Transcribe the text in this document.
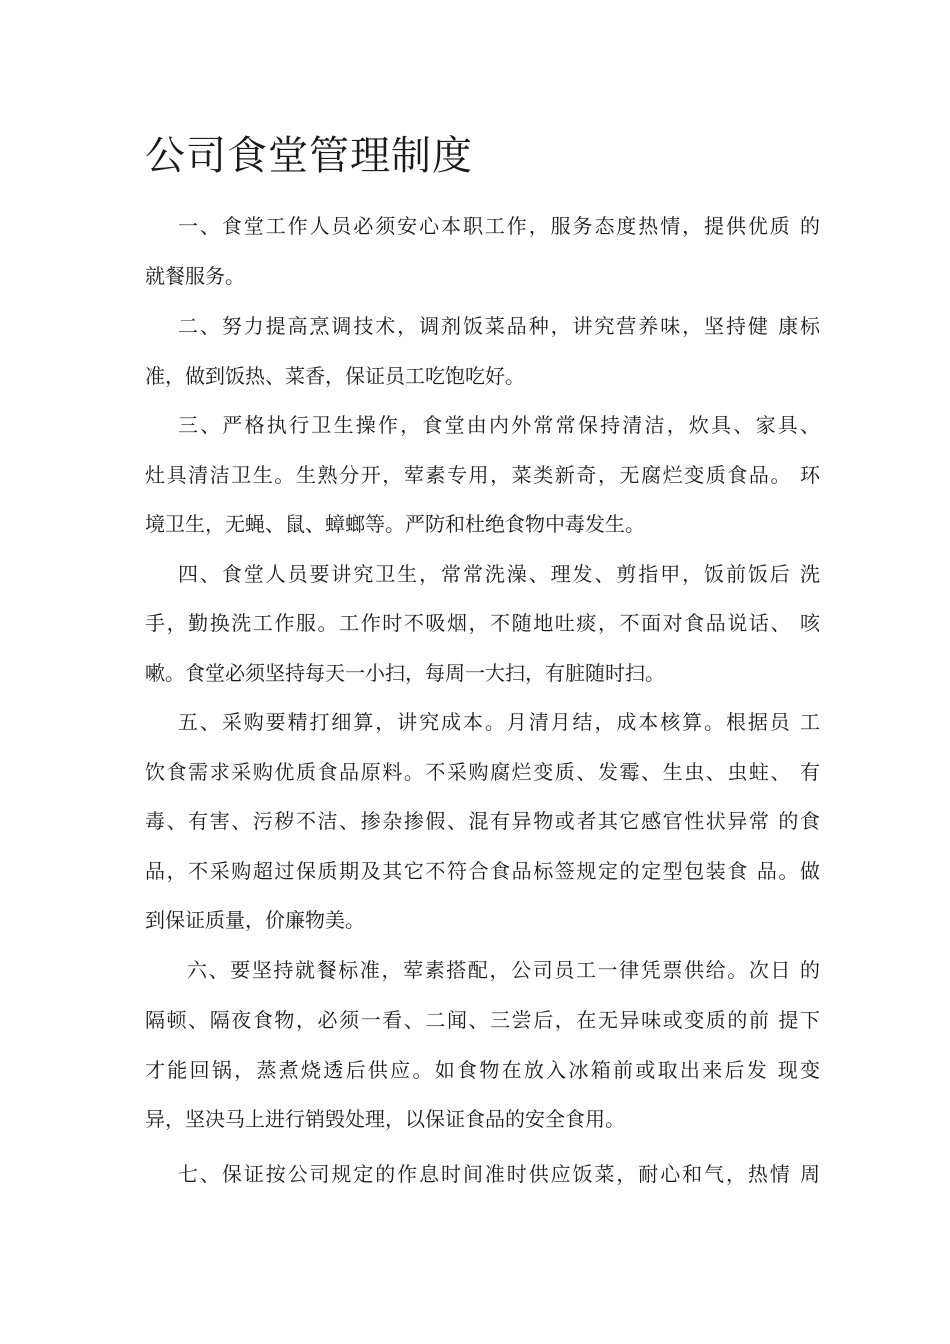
公司食堂管理制度
一、食堂工作人员必须安心本职工作，服务态度热情，提供优质 的
就餐服务。
二、努力提高烹调技术，调剂饭菜品种，讲究营养味，坚持健 康标
准，做到饭热、菜香，保证员工吃饱吃好。
三、严格执行卫生操作，食堂由内外常常保持清洁，炊具、家具、
灶具清洁卫生。生熟分开，荤素专用，菜类新奇，无腐烂变质食品。 环
境卫生，无蝇、鼠、蟑螂等。严防和杜绝食物中毒发生。
四、食堂人员要讲究卫生，常常洗澡、理发、剪指甲，饭前饭后 洗
手，勤换洗工作服。工作时不吸烟，不随地吐痰，不面对食品说话、 咳
嗽。食堂必须坚持每天一小扫，每周一大扫，有脏随时扫。
五、采购要精打细算，讲究成本。月清月结，成本核算。根据员 工
饮食需求采购优质食品原料。不采购腐烂变质、发霉、生虫、虫蛀、 有
毒、有害、污秽不洁、掺杂掺假、混有异物或者其它感官性状异常 的食
品，不采购超过保质期及其它不符合食品标签规定的定型包装食 品。做
到保证质量，价廉物美。
六、要坚持就餐标准，荤素搭配，公司员工一律凭票供给。次日 的
隔顿、隔夜食物，必须一看、二闻、三尝后，在无异味或变质的前 提下
才能回锅，蒸煮烧透后供应。如食物在放入冰箱前或取出来后发 现变
异，坚决马上进行销毁处理，以保证食品的安全食用。
七、保证按公司规定的作息时间准时供应饭菜，耐心和气，热情 周
